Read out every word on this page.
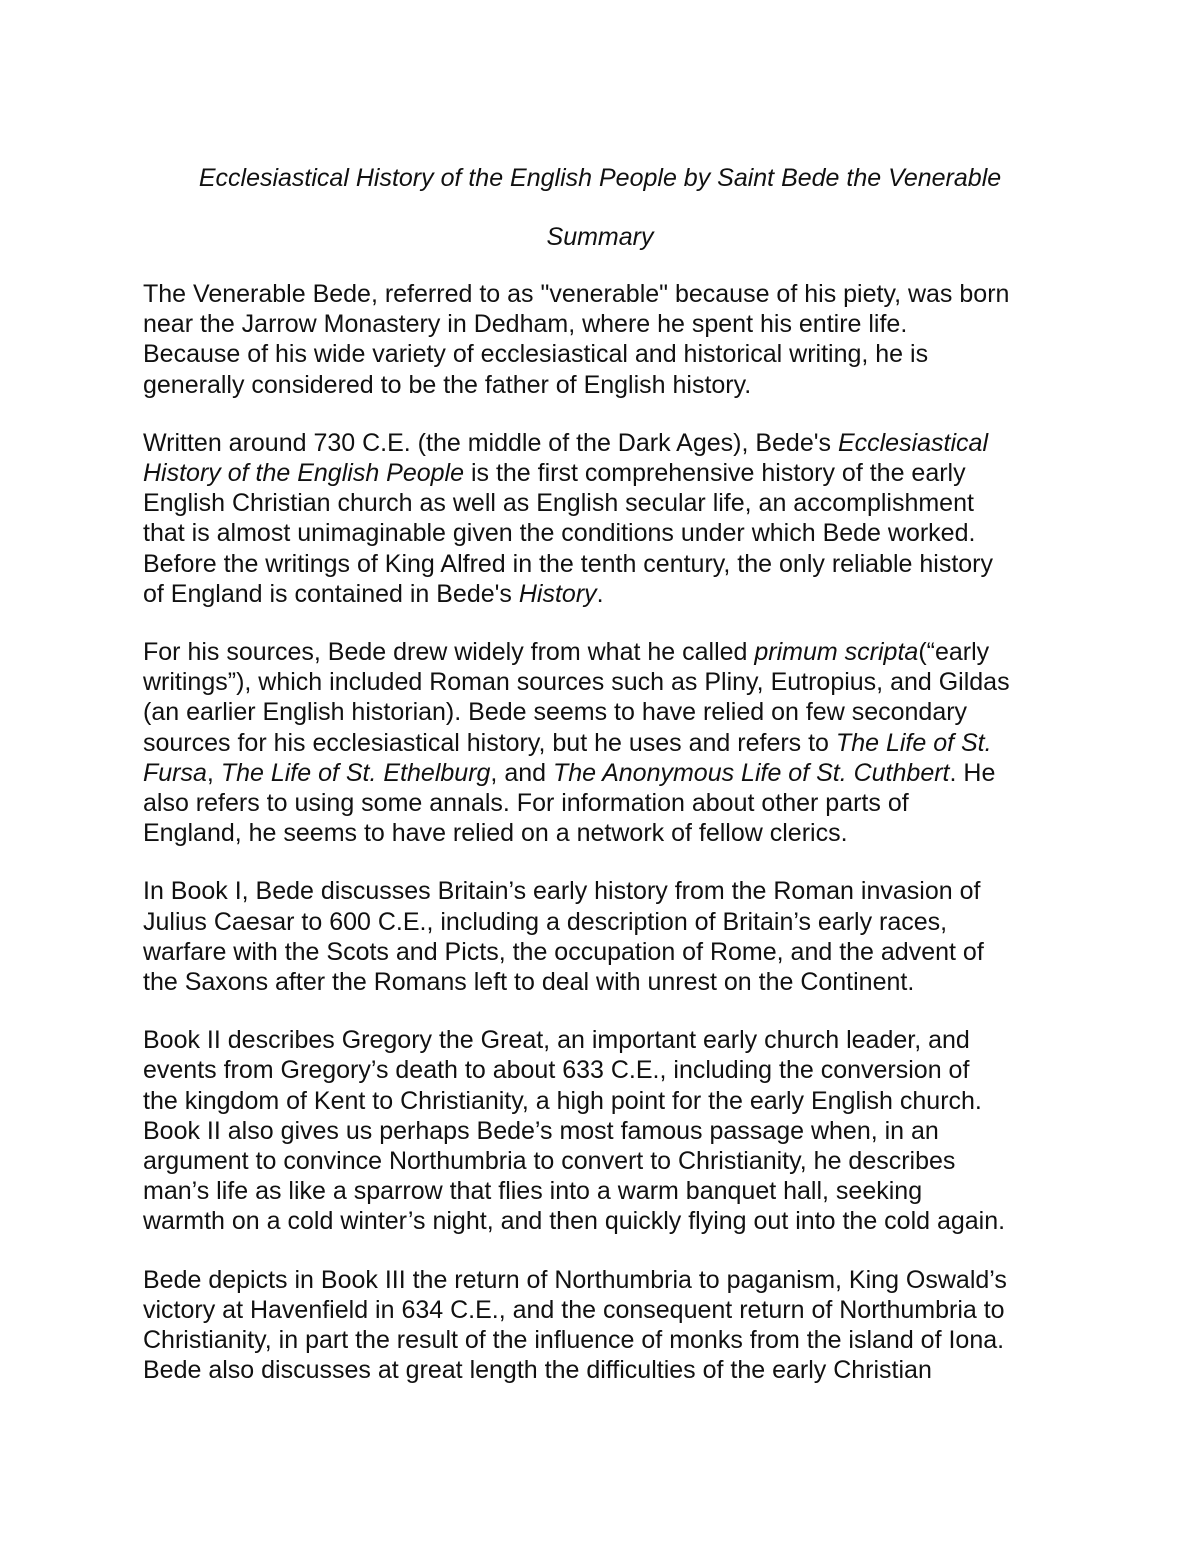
Ecclesiastical History of the English People by Saint Bede the Venerable
Summary

The Venerable Bede, referred to as "venerable" because of his piety, was born
near the Jarrow Monastery in Dedham, where he spent his entire life.
Because of his wide variety of ecclesiastical and historical writing, he is
generally considered to be the father of English history.

Written around 730 C.E. (the middle of the Dark Ages), Bede's Ecclesiastical
History of the English People is the first comprehensive history of the early
English Christian church as well as English secular life, an accomplishment
that is almost unimaginable given the conditions under which Bede worked.
Before the writings of King Alfred in the tenth century, the only reliable history
of England is contained in Bede's History.

For his sources, Bede drew widely from what he called primum scripta(“early
writings”), which included Roman sources such as Pliny, Eutropius, and Gildas
(an earlier English historian). Bede seems to have relied on few secondary
sources for his ecclesiastical history, but he uses and refers to The Life of St.
Fursa, The Life of St. Ethelburg, and The Anonymous Life of St. Cuthbert. He
also refers to using some annals. For information about other parts of
England, he seems to have relied on a network of fellow clerics.

In Book I, Bede discusses Britain’s early history from the Roman invasion of
Julius Caesar to 600 C.E., including a description of Britain’s early races,
warfare with the Scots and Picts, the occupation of Rome, and the advent of
the Saxons after the Romans left to deal with unrest on the Continent.

Book II describes Gregory the Great, an important early church leader, and
events from Gregory’s death to about 633 C.E., including the conversion of
the kingdom of Kent to Christianity, a high point for the early English church.
Book II also gives us perhaps Bede’s most famous passage when, in an
argument to convince Northumbria to convert to Christianity, he describes
man’s life as like a sparrow that flies into a warm banquet hall, seeking
warmth on a cold winter’s night, and then quickly flying out into the cold again.

Bede depicts in Book III the return of Northumbria to paganism, King Oswald’s
victory at Havenfield in 634 C.E., and the consequent return of Northumbria to
Christianity, in part the result of the influence of monks from the island of Iona.
Bede also discusses at great length the difficulties of the early Christian
